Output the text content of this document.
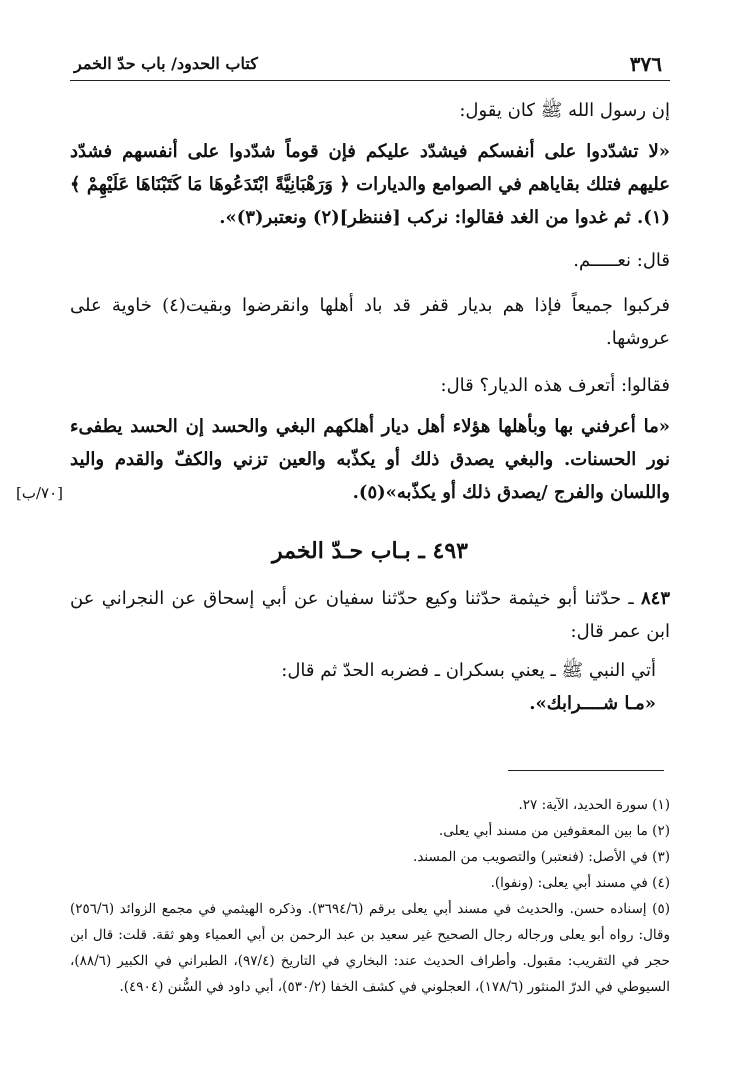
٣٧٦
كتاب الحدود/ باب حدّ الخمر
[٧٠/ب]

إن رسول الله ﷺ كان يقول:

«لا تشدّدوا على أنفسكم فيشدّد عليكم فإن قوماً شدّدوا على أنفسهم فشدّد عليهم فتلك بقاياهم في الصوامع والديارات ﴿ وَرَهْبَانِيَّةً ابْتَدَعُوهَا مَا كَتَبْنَاهَا عَلَيْهِمْ ﴾(١). ثم غدوا من الغد فقالوا: نركب [فننظر](٢) ونعتبر(٣)».

قال: نعـــــم.

فركبوا جميعاً فإذا هم بديار قفر قد باد أهلها وانقرضوا وبقيت(٤) خاوية على عروشها.

فقالوا: أتعرف هذه الديار؟ قال:

«ما أعرفني بها وبأهلها هؤلاء أهل ديار أهلكهم البغي والحسد إن الحسد يطفىء نور الحسنات. والبغي يصدق ذلك أو يكذّبه والعين تزني والكفّ والقدم واليد واللسان والفرج /يصدق ذلك أو يكذّبه»(٥).

٤٩٣ ـ بـاب حـدّ الخمر

٨٤٣ ـ حدّثنا أبو خيثمة حدّثنا وكيع حدّثنا سفيان عن أبي إسحاق عن النجراني عن ابن عمر قال:

أتي النبي ﷺ ـ يعني بسكران ـ فضربه الحدّ ثم قال:

«مـا شــــرابك».

(١) سورة الحديد، الآية: ٢٧.

(٢) ما بين المعقوفين من مسند أبي يعلى.

(٣) في الأصل: (فنعتبر) والتصويب من المسند.

(٤) في مسند أبي يعلى: (ونفوا).

(٥) إسناده حسن. والحديث في مسند أبي يعلى برقم (٣٦٩٤/٦). وذكره الهيثمي في مجمع الزوائد (٢٥٦/٦) وقال: رواه أبو يعلى ورجاله رجال الصحيح غير سعيد بن عبد الرحمن بن أبي العمياء وهو ثقة. قلت: قال ابن حجر في التقريب: مقبول. وأطراف الحديث عند: البخاري في التاريخ (٩٧/٤)، الطبراني في الكبير (٨٨/٦)، السيوطي في الدرّ المنثور (١٧٨/٦)، العجلوني في كشف الخفا (٥٣٠/٢)، أبي داود في السُّنن (٤٩٠٤).
